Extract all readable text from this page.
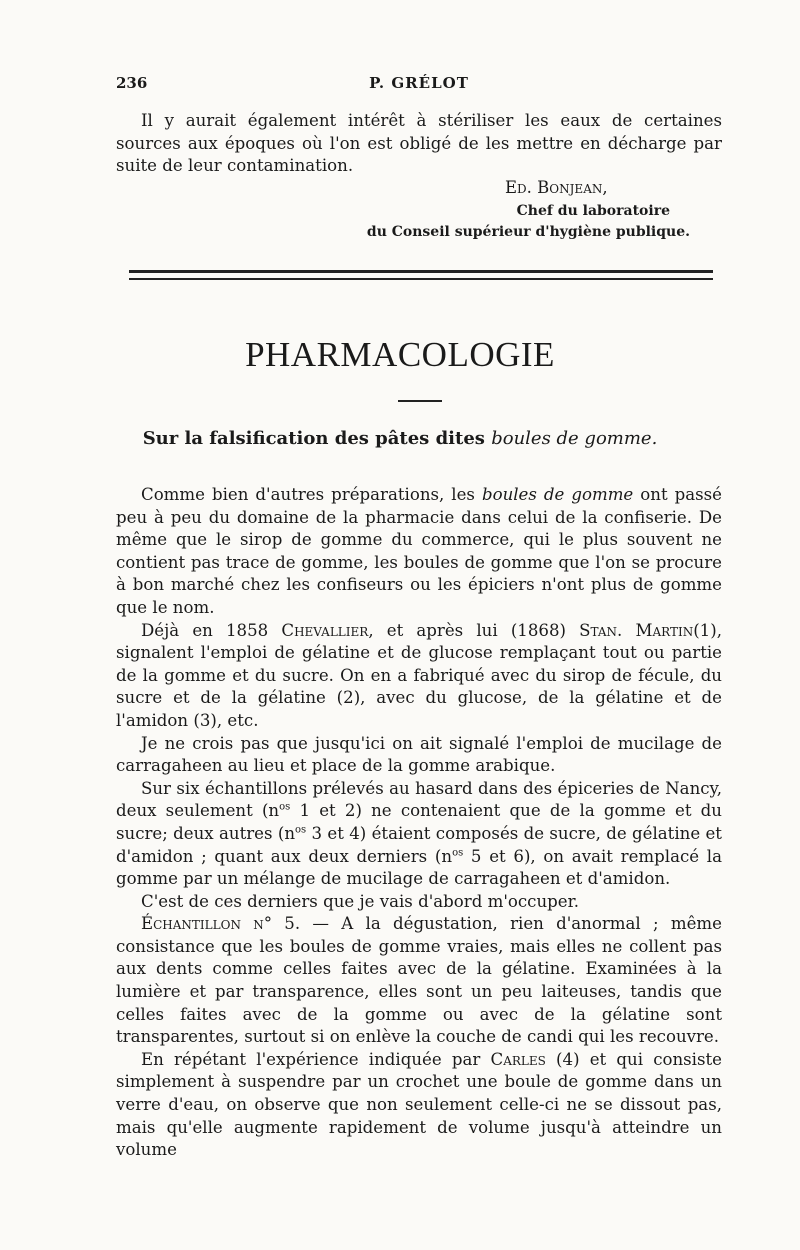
236	P. GRÉLOT

Il y aurait également intérêt à stériliser les eaux de certaines sources aux époques où l'on est obligé de les mettre en décharge par suite de leur contamination.

Ed. Bonjean,
Chef du laboratoire
du Conseil supérieur d'hygiène publique.
PHARMACOLOGIE
Sur la falsification des pâtes dites boules de gomme.

Comme bien d'autres préparations, les boules de gomme ont passé peu à peu du domaine de la pharmacie dans celui de la confiserie. De même que le sirop de gomme du commerce, qui le plus souvent ne contient pas trace de gomme, les boules de gomme que l'on se procure à bon marché chez les confiseurs ou les épiciers n'ont plus de gomme que le nom.

Déjà en 1858 Chevallier, et après lui (1868) Stan. Martin(1), signalent l'emploi de gélatine et de glucose remplaçant tout ou partie de la gomme et du sucre. On en a fabriqué avec du sirop de fécule, du sucre et de la gélatine (2), avec du glucose, de la gélatine et de l'amidon (3), etc.

Je ne crois pas que jusqu'ici on ait signalé l'emploi de mucilage de carragaheen au lieu et place de la gomme arabique.

Sur six échantillons prélevés au hasard dans des épiceries de Nancy, deux seulement ($n^{os}$ 1 et 2) ne contenaient que de la gomme et du sucre; deux autres ($n^{os}$ 3 et 4) étaient composés de sucre, de gélatine et d'amidon ; quant aux deux derniers ($n^{os}$ 5 et 6), on avait remplacé la gomme par un mélange de mucilage de carragaheen et d'amidon.

C'est de ces derniers que je vais d'abord m'occuper.

Échantillon n° 5. — A la dégustation, rien d'anormal ; même consistance que les boules de gomme vraies, mais elles ne collent pas aux dents comme celles faites avec de la gélatine. Examinées à la lumière et par transparence, elles sont un peu laiteuses, tandis que celles faites avec de la gomme ou avec de la gélatine sont transparentes, surtout si on enlève la couche de candi qui les recouvre.

En répétant l'expérience indiquée par Carles (4) et qui consiste simplement à suspendre par un crochet une boule de gomme dans un verre d'eau, on observe que non seulement celle-ci ne se dissout pas, mais qu'elle augmente rapidement de volume jusqu'à atteindre un volume
